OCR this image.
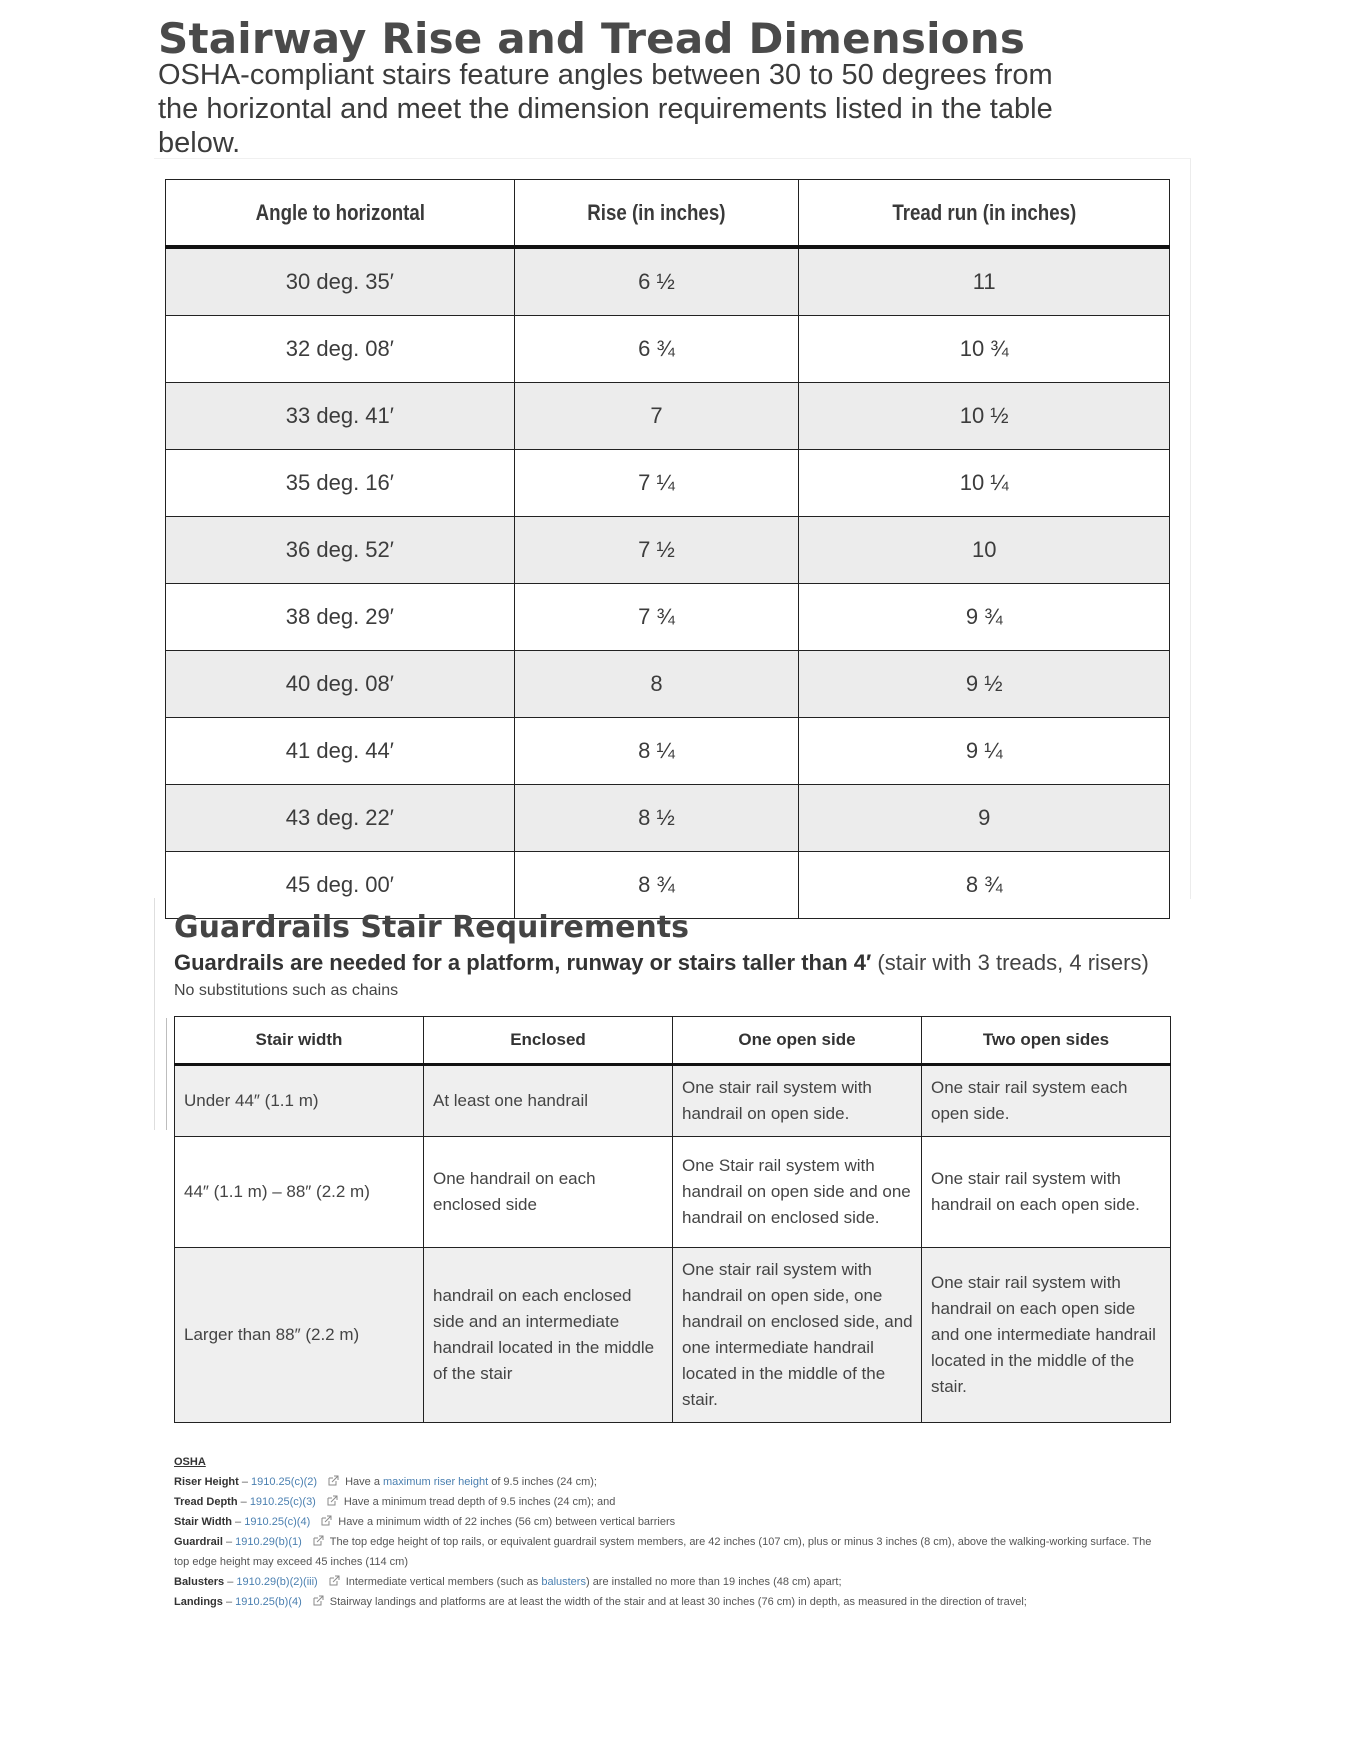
Stairway Rise and Tread Dimensions

OSHA-compliant stairs feature angles between 30 to 50 degrees from the horizontal and meet the dimension requirements listed in the table below.

Angle to horizontal	Rise (in inches)	Tread run (in inches)
30 deg. 35′	6 ½	11
32 deg. 08′	6 ¾	10 ¾
33 deg. 41′	7	10 ½
35 deg. 16′	7 ¼	10 ¼
36 deg. 52′	7 ½	10
38 deg. 29′	7 ¾	9 ¾
40 deg. 08′	8	9 ½
41 deg. 44′	8 ¼	9 ¼
43 deg. 22′	8 ½	9
45 deg. 00′	8 ¾	8 ¾
Guardrails Stair Requirements

Guardrails are needed for a platform, runway or stairs taller than 4′ (stair with 3 treads, 4 risers)

No substitutions such as chains

Stair width	Enclosed	One open side	Two open sides
Under 44″ (1.1 m)	At least one handrail	One stair rail system with handrail on open side.	One stair rail system each open side.
44″ (1.1 m) – 88″ (2.2 m)	One handrail on each enclosed side	One Stair rail system with handrail on open side and one handrail on enclosed side.	One stair rail system with handrail on each open side.
Larger than 88″ (2.2 m)	handrail on each enclosed side and an intermediate handrail located in the middle of the stair	One stair rail system with handrail on open side, one handrail on enclosed side, and one intermediate handrail located in the middle of the stair.	One stair rail system with handrail on each open side and one intermediate handrail located in the middle of the stair.
OSHA
Riser Height – 1910.25(c)(2)	Have a maximum riser height of 9.5 inches (24 cm);
Tread Depth – 1910.25(c)(3)	Have a minimum tread depth of 9.5 inches (24 cm); and
Stair Width – 1910.25(c)(4)	Have a minimum width of 22 inches (56 cm) between vertical barriers
Guardrail – 1910.29(b)(1)	The top edge height of top rails, or equivalent guardrail system members, are 42 inches (107 cm), plus or minus 3 inches (8 cm), above the walking-working surface. The top edge height may exceed 45 inches (114 cm)
Balusters – 1910.29(b)(2)(iii)	Intermediate vertical members (such as balusters) are installed no more than 19 inches (48 cm) apart;
Landings – 1910.25(b)(4)	Stairway landings and platforms are at least the width of the stair and at least 30 inches (76 cm) in depth, as measured in the direction of travel;
